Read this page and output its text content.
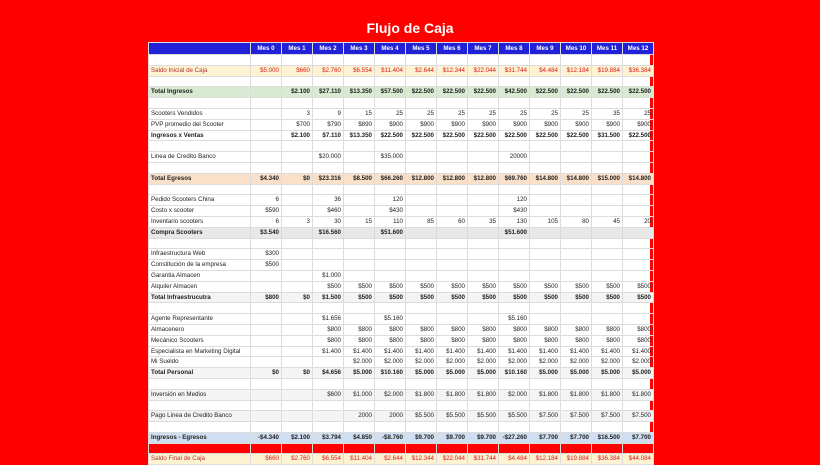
Flujo de Caja
	Mes 0	Mes 1	Mes 2	Mes 3	Mes 4	Mes 5	Mes 6	Mes 7	Mes 8	Mes 9	Mes 10	Mes 11	Mes 12

Saldo Inicial de Caja	$5.000	$660	$2.760	$6.554	$11.404	$2.644	$12.344	$22.044	$31.744	$4.484	$12.184	$19.884	$36.384

Total Ingresos		$2.100	$27.110	$13.350	$57.500	$22.500	$22.500	$22.500	$42.500	$22.500	$22.500	$22.500	$22.500

Scooters Vendidos		3	9	15	25	25	25	25	25	25	25	35	25
PVP promedio del Scooter		$700	$790	$890	$900	$900	$900	$900	$900	$900	$900	$900	$900
Ingresos x Ventas		$2.100	$7.110	$13.350	$22.500	$22.500	$22.500	$22.500	$22.500	$22.500	$22.500	$31.500	$22.500

Linea de Credito Banco			$20.000		$35.000				20000				

Total Egresos	$4.340	$0	$23.316	$8.500	$66.260	$12.800	$12.800	$12.800	$69.760	$14.800	$14.800	$15.000	$14.800

Pedido Scooters China	6		36		120				120				
Costo x scooter	$590		$460		$430				$430				
Inventario scooters	6	3	30	15	110	85	60	35	130	105	80	45	20
Compra Scooters	$3.540		$16.560		$51.600				$51.600				

Infraestructura Web	$300												
Constitución de la empresa	$500												
Garantia Almacen			$1.000										
Alquiler Almacen			$500	$500	$500	$500	$500	$500	$500	$500	$500	$500	$500
Total Infraestrucutra	$800	$0	$1.500	$500	$500	$500	$500	$500	$500	$500	$500	$500	$500

Agente Representante			$1.656		$5.160				$5.160				
Almacenero			$800	$800	$800	$800	$800	$800	$800	$800	$800	$800	$800
Mecánico Scooters			$800	$800	$800	$800	$800	$800	$800	$800	$800	$800	$800
Especialista en Marketing Digital			$1.400	$1.400	$1.400	$1.400	$1.400	$1.400	$1.400	$1.400	$1.400	$1.400	$1.400
Mi Sueldo				$2.000	$2.000	$2.000	$2.000	$2.000	$2.000	$2.000	$2.000	$2.000	$2.000
Total Personal	$0	$0	$4.656	$5.000	$10.160	$5.000	$5.000	$5.000	$10.160	$5.000	$5.000	$5.000	$5.000

Inversión en Medios			$600	$1.000	$2.000	$1.800	$1.800	$1.800	$2.000	$1.800	$1.800	$1.800	$1.800

Pago Linea de Credito Banco				2000	2000	$5.500	$5.500	$5.500	$5.500	$7.500	$7.500	$7.500	$7.500

Ingresos - Egresos	-$4.340	$2.100	$3.794	$4.850	-$8.760	$9.700	$9.700	$9.700	-$27.260	$7.700	$7.700	$16.500	$7.700

Saldo Final de Caja	$660	$2.760	$6.554	$11.404	$2.644	$12.344	$22.044	$31.744	$4.484	$12.184	$19.884	$36.384	$44.084
